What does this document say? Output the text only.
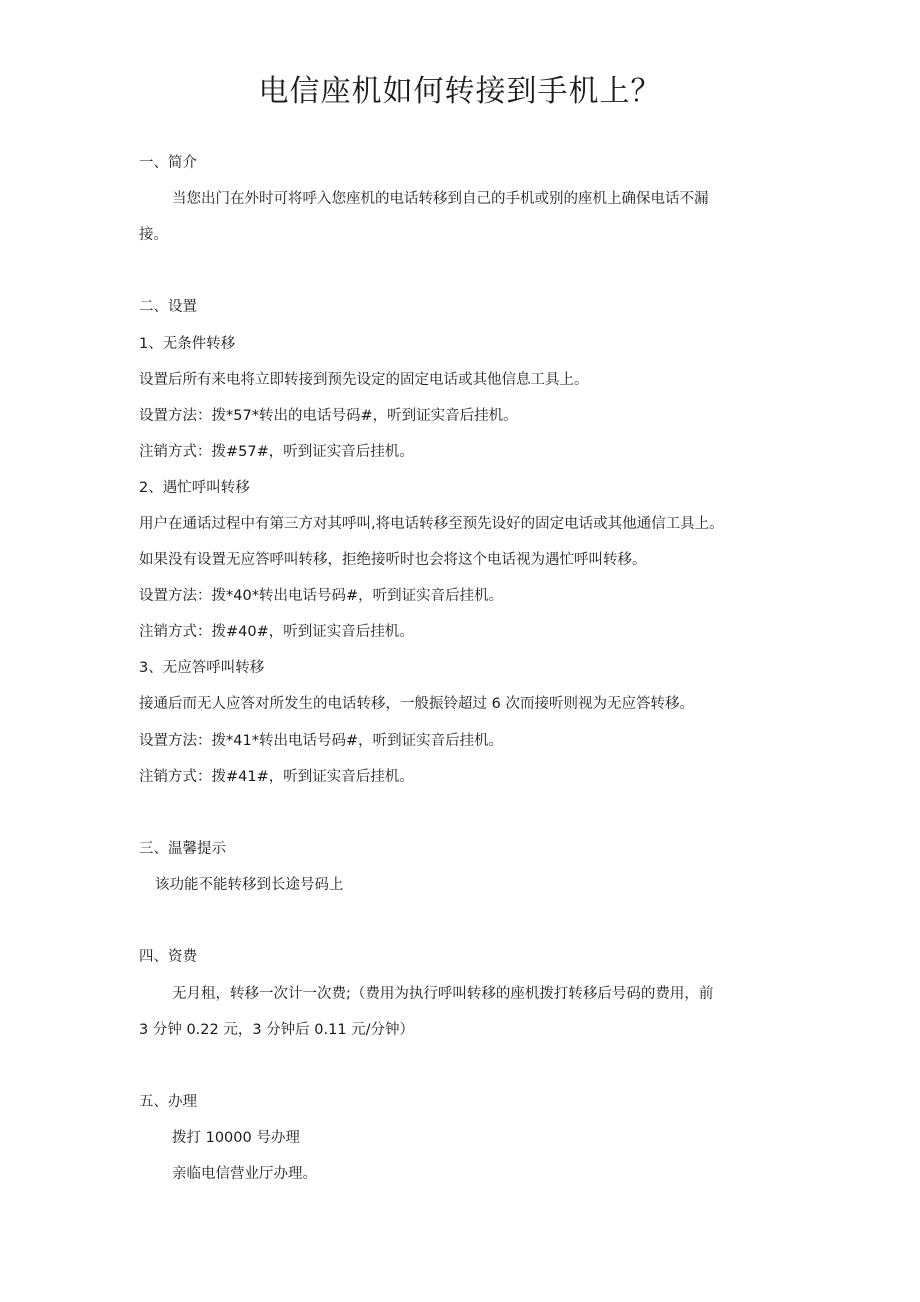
电信座机如何转接到手机上？
一、简介
当您出门在外时可将呼入您座机的电话转移到自己的手机或别的座机上确保电话不漏
接。
二、设置
1、无条件转移
设置后所有来电将立即转接到预先设定的固定电话或其他信息工具上。
设置方法：拨*57*转出的电话号码#，听到证实音后挂机。
注销方式：拨#57#，听到证实音后挂机。
2、遇忙呼叫转移
用户在通话过程中有第三方对其呼叫,将电话转移至预先设好的固定电话或其他通信工具上。
如果没有设置无应答呼叫转移，拒绝接听时也会将这个电话视为遇忙呼叫转移。
设置方法：拨*40*转出电话号码#，听到证实音后挂机。
注销方式：拨#40#，听到证实音后挂机。
3、无应答呼叫转移
接通后而无人应答对所发生的电话转移，一般振铃超过 6 次而接听则视为无应答转移。
设置方法：拨*41*转出电话号码#，听到证实音后挂机。
注销方式：拨#41#，听到证实音后挂机。
三、温馨提示
该功能不能转移到长途号码上
四、资费
无月租，转移一次计一次费;（费用为执行呼叫转移的座机拨打转移后号码的费用，前
3 分钟 0.22 元，3 分钟后 0.11 元/分钟）
五、办理
拨打 10000 号办理
亲临电信营业厅办理。
